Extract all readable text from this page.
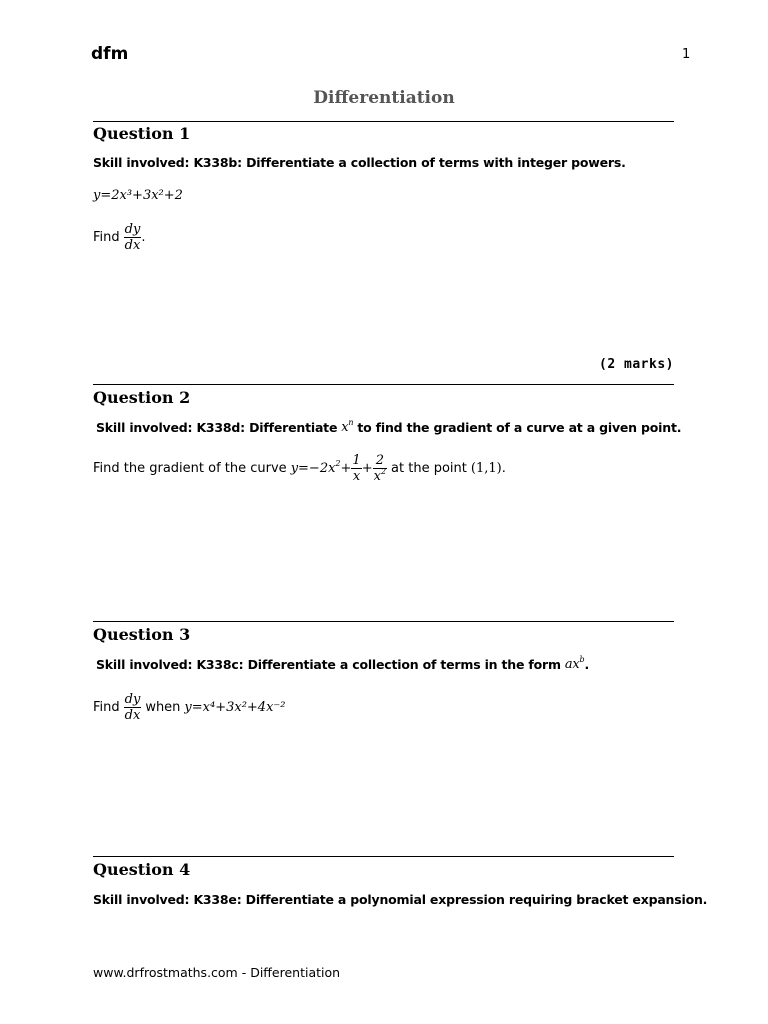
dfm	1
Differentiation
Question 1
Skill involved: K338b: Differentiate a collection of terms with integer powers.
y=2x³+3x²+2
Find $\frac{dy}{dx}$ .
(2 marks)
Question 2
Skill involved: K338d: Differentiate $x^n$ to find the gradient of a curve at a given point.
Find the gradient of the curve $y=-2x^2+ \frac{1}{x} + \frac{2}{x^2}$ at the point (1,1) .
Question 3
Skill involved: K338c: Differentiate a collection of terms in the form $ax^b$ .
Find $\frac{dy}{dx}$ when y=x⁴+3x²+4x⁻²
Question 4
Skill involved: K338e: Differentiate a polynomial expression requiring bracket expansion.
www.drfrostmaths.com - Differentiation
